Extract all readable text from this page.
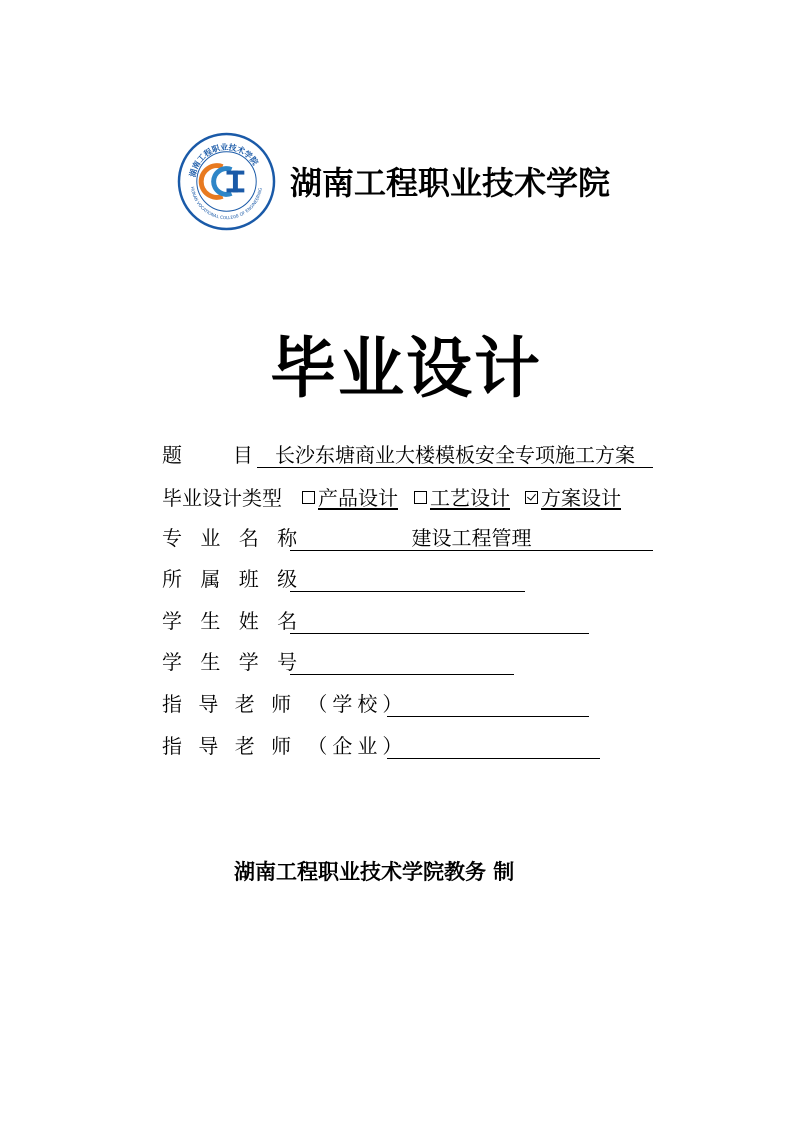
湖南工程职业技术学院
HUNAN VOCATIONAL COLLEGE OF ENGINEERING 湖南工程职业技术学院
毕业设计
题        目	长沙东塘商业大楼模板安全专项施工方案
毕业设计类型	产品设计	工艺设计	方案设计
专 业 名 称	建设工程管理
所 属 班 级
学 生 姓 名
学 生 学 号
指 导 老 师 （学校）
指 导 老 师 （企业）
湖南工程职业技术学院教务 制
